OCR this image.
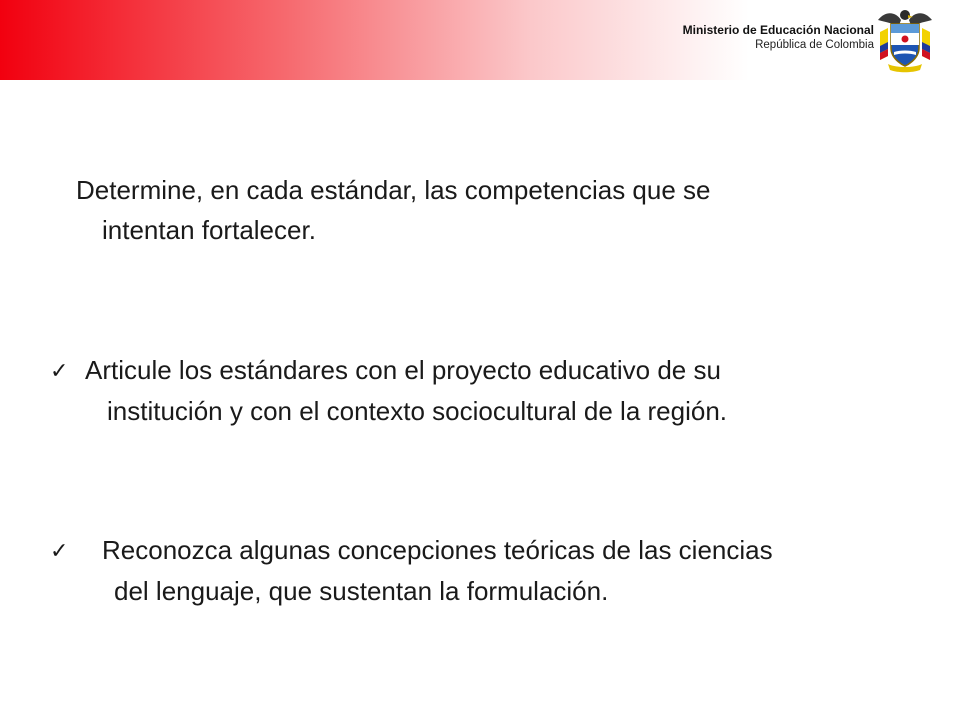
Ministerio de Educación Nacional
República de Colombia

Determine, en cada estándar, las competencias que se
intentan fortalecer.

✓ Articule los estándares con el proyecto educativo de su
institución y con el contexto sociocultural de la región.

✓ Reconozca algunas concepciones teóricas de las ciencias
del lenguaje, que sustentan la formulación.
